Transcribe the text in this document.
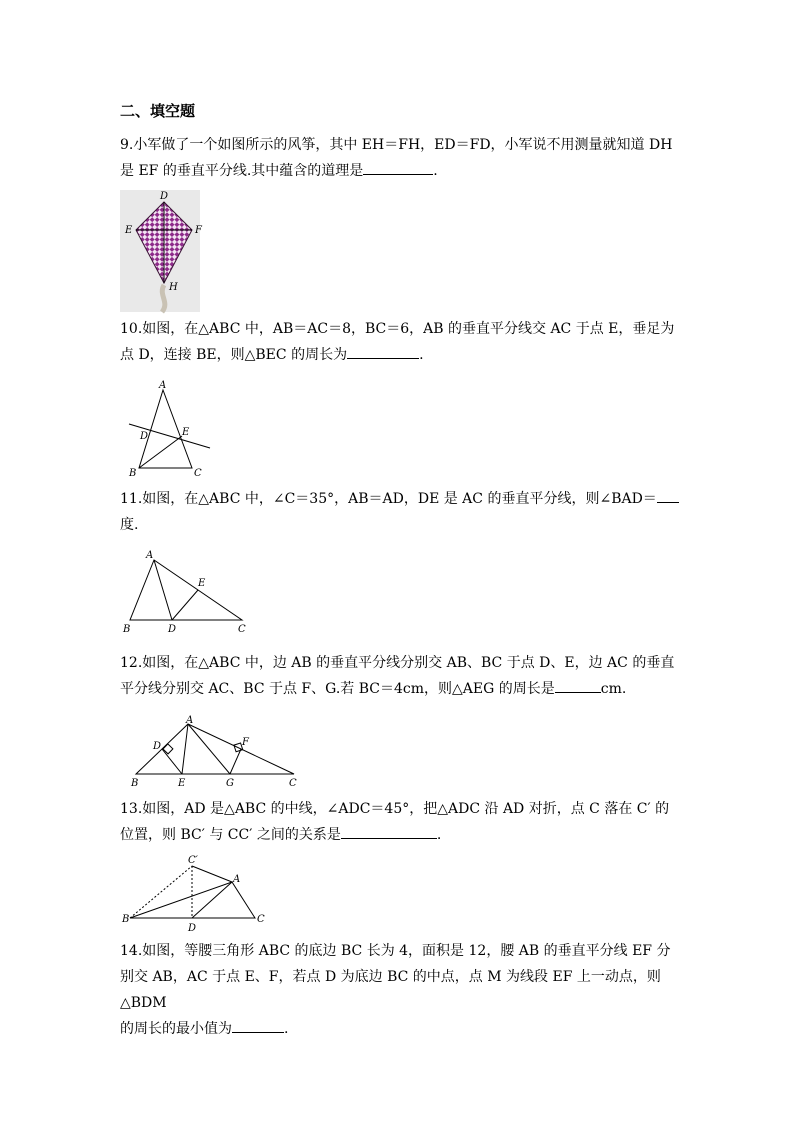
二、填空题
9.小军做了一个如图所示的风筝，其中 EH＝FH，ED＝FD，小军说不用测量就知道 DH
是 EF 的垂直平分线.其中蕴含的道理是	.
D
E	F
H
10.如图，在△ABC 中，AB＝AC＝8，BC＝6，AB 的垂直平分线交 AC 于点 E，垂足为
点 D，连接 BE，则△BEC 的周长为	.
A
D	E
B	C
11.如图，在△ABC 中，∠C＝35°，AB＝AD，DE 是 AC 的垂直平分线，则∠BAD＝
度.
A
E
B	D	C
12.如图，在△ABC 中，边 AB 的垂直平分线分别交 AB、BC 于点 D、E，边 AC 的垂直
平分线分别交 AC、BC 于点 F、G.若 BC＝4cm，则△AEG 的周长是	cm.
A
D	F
B	E	G	C
13.如图，AD 是△ABC 的中线，∠ADC＝45°，把△ADC 沿 AD 对折，点 C 落在 C′ 的
位置，则 BC′ 与 CC′ 之间的关系是	.
C′
A
B
D
C
14.如图，等腰三角形 ABC 的底边 BC 长为 4，面积是 12，腰 AB 的垂直平分线 EF 分
别交 AB，AC 于点 E、F，若点 D 为底边 BC 的中点，点 M 为线段 EF 上一动点，则△BDM
的周长的最小值为	.
